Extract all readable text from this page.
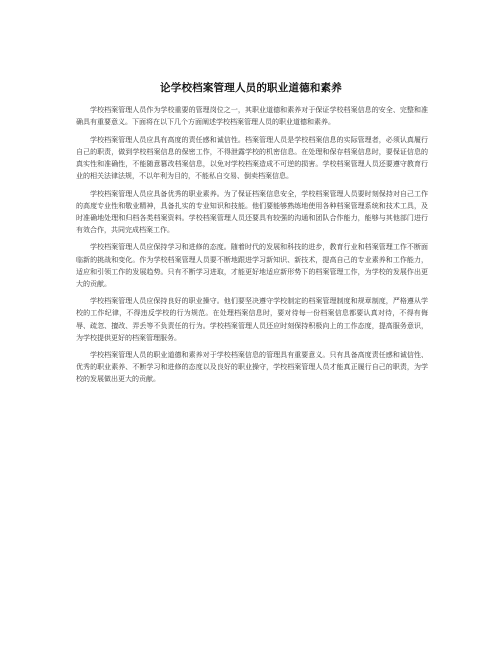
论学校档案管理人员的职业道德和素养

学校档案管理人员作为学校重要的管理岗位之一，其职业道德和素养对于保证学校档案信息的安全、完整和准确具有重要意义。下面将在以下几个方面阐述学校档案管理人员的职业道德和素养。

学校档案管理人员应具有高度的责任感和诚信性。档案管理人员是学校档案信息的实际管理者，必须认真履行自己的职责，做到学校档案信息的保密工作，不得泄露学校的机密信息。在处理和保存档案信息时，要保证信息的真实性和准确性，不能随意篡改档案信息，以免对学校档案造成不可逆的损害。学校档案管理人员还要遵守教育行业的相关法律法规，不以年利为目的，不能私自交易、倒卖档案信息。

学校档案管理人员应具备优秀的职业素养。为了保证档案信息安全，学校档案管理人员要时刻保持对自己工作的高度专业性和敬业精神，具备扎实的专业知识和技能。他们要能够熟练地使用各种档案管理系统和技术工具，及时准确地处理和归档各类档案资料。学校档案管理人员还要具有较强的沟通和团队合作能力，能够与其他部门进行有效合作，共同完成档案工作。

学校档案管理人员应保持学习和进修的态度。随着时代的发展和科技的进步，教育行业和档案管理工作不断面临新的挑战和变化。作为学校档案管理人员要不断地跟进学习新知识、新技术，提高自己的专业素养和工作能力，适应和引领工作的发展趋势。只有不断学习进取，才能更好地适应新形势下的档案管理工作，为学校的发展作出更大的贡献。

学校档案管理人员应保持良好的职业操守。他们要坚决遵守学校制定的档案管理制度和规章制度，严格遵从学校的工作纪律，不得违反学校的行为规范。在处理档案信息时，要对待每一份档案信息都要认真对待，不得有侮辱、疏忽、擅改、弄丢等不负责任的行为。学校档案管理人员还应时刻保持积极向上的工作态度，提高服务意识，为学校提供更好的档案管理服务。

学校档案管理人员的职业道德和素养对于学校档案信息的管理具有重要意义。只有具备高度责任感和诚信性、优秀的职业素养、不断学习和进修的态度以及良好的职业操守，学校档案管理人员才能真正履行自己的职责，为学校的发展做出更大的贡献。
